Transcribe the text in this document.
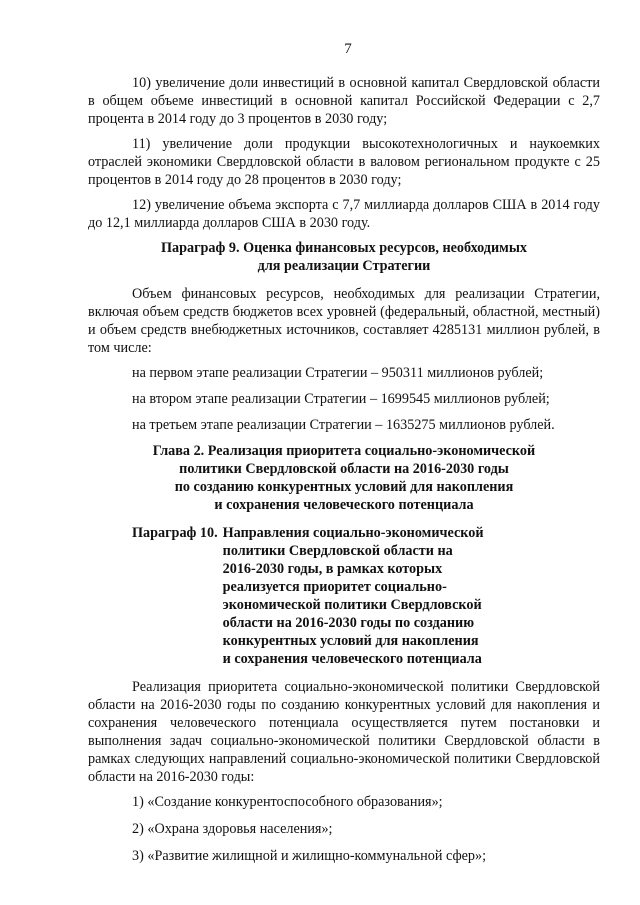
7

10) увеличение доли инвестиций в основной капитал Свердловской области в общем объеме инвестиций в основной капитал Российской Федерации с 2,7 процента в 2014 году до 3 процентов в 2030 году;

11) увеличение доли продукции высокотехнологичных и наукоемких отраслей экономики Свердловской области в валовом региональном продукте с 25 процентов в 2014 году до 28 процентов в 2030 году;

12) увеличение объема экспорта с 7,7 миллиарда долларов США в 2014 году до 12,1 миллиарда долларов США в 2030 году.

Параграф 9. Оценка финансовых ресурсов, необходимых
для реализации Стратегии

Объем финансовых ресурсов, необходимых для реализации Стратегии, включая объем средств бюджетов всех уровней (федеральный, областной, местный) и объем средств внебюджетных источников, составляет 4285131 миллион рублей, в том числе:

на первом этапе реализации Стратегии – 950311 миллионов рублей;

на втором этапе реализации Стратегии – 1699545 миллионов рублей;

на третьем этапе реализации Стратегии – 1635275 миллионов рублей.

Глава 2. Реализация приоритета социально-экономической
политики Свердловской области на 2016-2030 годы
по созданию конкурентных условий для накопления
и сохранения человеческого потенциала
Параграф 10. Направления социально-экономической
политики Свердловской области на
2016-2030 годы, в рамках которых
реализуется приоритет социально-
экономической политики Свердловской
области на 2016-2030 годы по созданию
конкурентных условий для накопления
и сохранения человеческого потенциала

Реализация приоритета социально-экономической политики Свердловской области на 2016-2030 годы по созданию конкурентных условий для накопления и сохранения человеческого потенциала осуществляется путем постановки и выполнения задач социально-экономической политики Свердловской области в рамках следующих направлений социально-экономической политики Свердловской области на 2016-2030 годы:

1) «Создание конкурентоспособного образования»;

2) «Охрана здоровья населения»;

3) «Развитие жилищной и жилищно-коммунальной сфер»;
